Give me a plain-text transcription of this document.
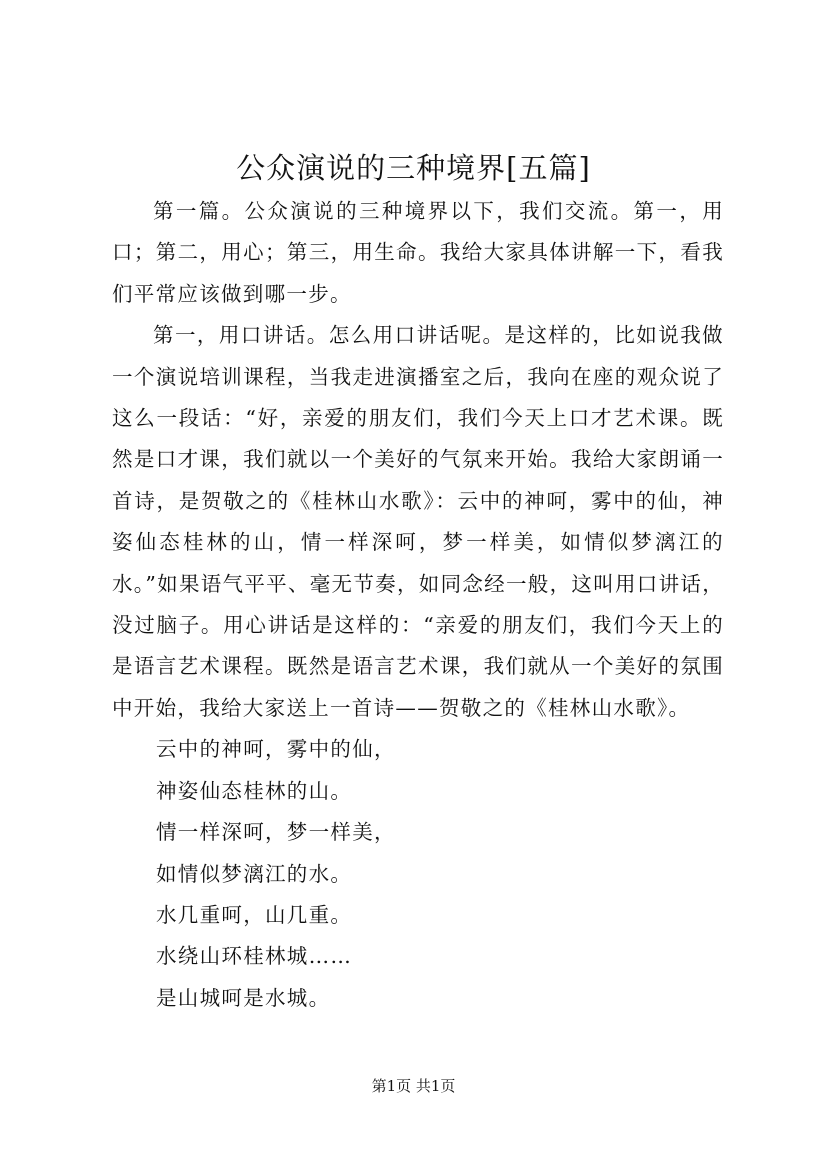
公众演说的三种境界[五篇]

第一篇。公众演说的三种境界以下，我们交流。第一，用口；第二，用心；第三，用生命。我给大家具体讲解一下，看我们平常应该做到哪一步。

第一，用口讲话。怎么用口讲话呢。是这样的，比如说我做一个演说培训课程，当我走进演播室之后，我向在座的观众说了这么一段话：“好，亲爱的朋友们，我们今天上口才艺术课。既然是口才课，我们就以一个美好的气氛来开始。我给大家朗诵一首诗，是贺敬之的《桂林山水歌》：云中的神呵，雾中的仙，神姿仙态桂林的山，情一样深呵，梦一样美，如情似梦漓江的水。”如果语气平平、毫无节奏，如同念经一般，这叫用口讲话，没过脑子。用心讲话是这样的：“亲爱的朋友们，我们今天上的是语言艺术课程。既然是语言艺术课，我们就从一个美好的氛围中开始，我给大家送上一首诗——贺敬之的《桂林山水歌》。

云中的神呵，雾中的仙，

神姿仙态桂林的山。

情一样深呵，梦一样美，

如情似梦漓江的水。

水几重呵，山几重。

水绕山环桂林城……

是山城呵是水城。

第1页 共1页
